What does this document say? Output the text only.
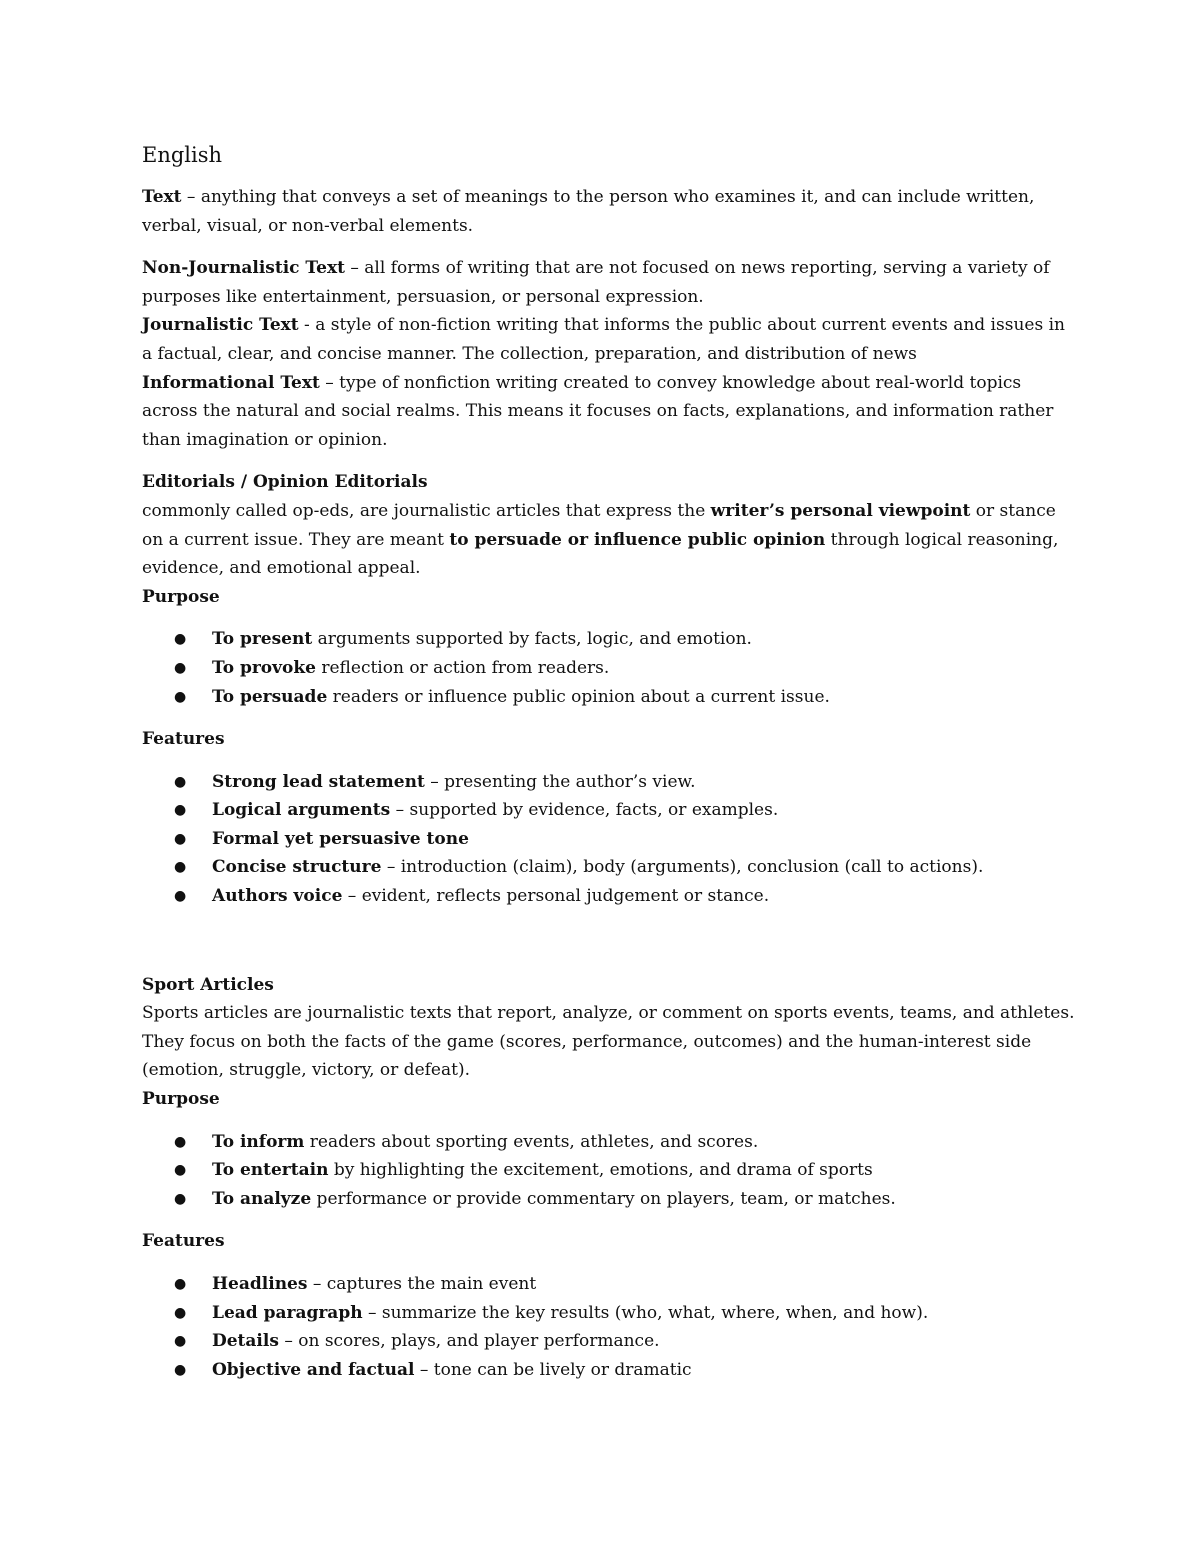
English

Text – anything that conveys a set of meanings to the person who examines it, and can include written, verbal, visual, or non-verbal elements.

Non-Journalistic Text – all forms of writing that are not focused on news reporting, serving a variety of purposes like entertainment, persuasion, or personal expression.

Journalistic Text - a style of non-fiction writing that informs the public about current events and issues in a factual, clear, and concise manner. The collection, preparation, and distribution of news

Informational Text – type of nonfiction writing created to convey knowledge about real-world topics across the natural and social realms. This means it focuses on facts, explanations, and information rather than imagination or opinion.

Editorials / Opinion Editorials

commonly called op-eds, are journalistic articles that express the writer’s personal viewpoint or stance on a current issue. They are meant to persuade or influence public opinion through logical reasoning, evidence, and emotional appeal.

Purpose

● To present arguments supported by facts, logic, and emotion.
● To provoke reflection or action from readers.
● To persuade readers or influence public opinion about a current issue.

Features

● Strong lead statement – presenting the author’s view.
● Logical arguments – supported by evidence, facts, or examples.
● Formal yet persuasive tone
● Concise structure – introduction (claim), body (arguments), conclusion (call to actions).
● Authors voice – evident, reflects personal judgement or stance.

Sport Articles

Sports articles are journalistic texts that report, analyze, or comment on sports events, teams, and athletes. They focus on both the facts of the game (scores, performance, outcomes) and the human-interest side (emotion, struggle, victory, or defeat).

Purpose

● To inform readers about sporting events, athletes, and scores.
● To entertain by highlighting the excitement, emotions, and drama of sports
● To analyze performance or provide commentary on players, team, or matches.

Features

● Headlines – captures the main event
● Lead paragraph – summarize the key results (who, what, where, when, and how).
● Details – on scores, plays, and player performance.
● Objective and factual – tone can be lively or dramatic
